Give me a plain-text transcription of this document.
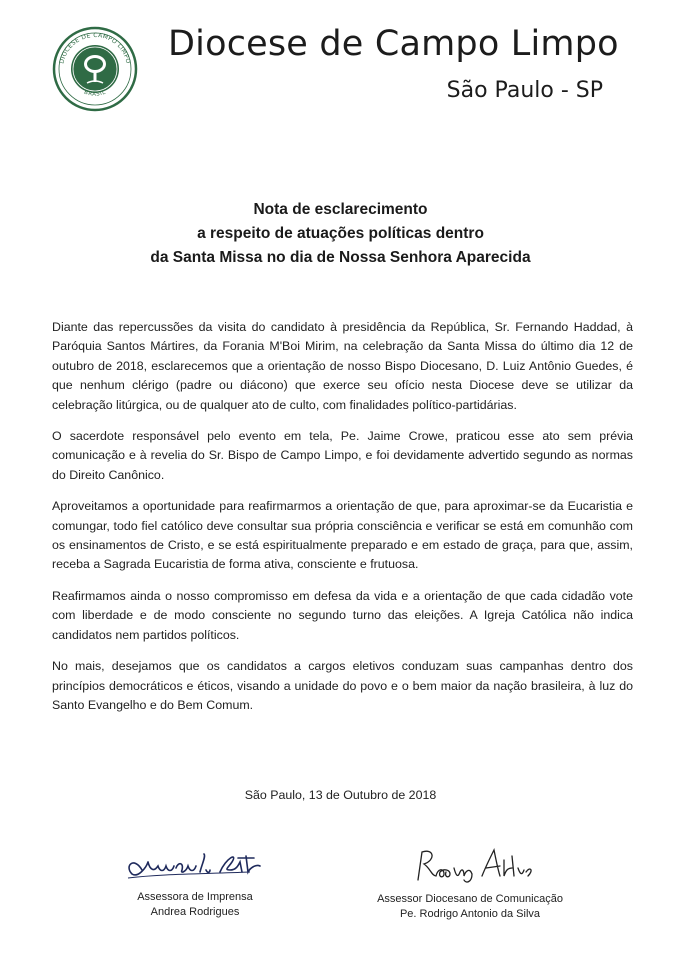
DIOCESE DE CAMPO LIMPO
BRASIL
Diocese de Campo Limpo
São Paulo - SP
Nota de esclarecimento
a respeito de atuações políticas dentro
da Santa Missa no dia de Nossa Senhora Aparecida

Diante das repercussões da visita do candidato à presidência da República, Sr. Fernando Haddad, à Paróquia Santos Mártires, da Forania M'Boi Mirim, na celebração da Santa Missa do último dia 12 de outubro de 2018, esclarecemos que a orientação de nosso Bispo Diocesano, D. Luiz Antônio Guedes, é que nenhum clérigo (padre ou diácono) que exerce seu ofício nesta Diocese deve se utilizar da celebração litúrgica, ou de qualquer ato de culto, com finalidades político-partidárias.

O sacerdote responsável pelo evento em tela, Pe. Jaime Crowe, praticou esse ato sem prévia comunicação e à revelia do Sr. Bispo de Campo Limpo, e foi devidamente advertido segundo as normas do Direito Canônico.

Aproveitamos a oportunidade para reafirmarmos a orientação de que, para aproximar-se da Eucaristia e comungar, todo fiel católico deve consultar sua própria consciência e verificar se está em comunhão com os ensinamentos de Cristo, e se está espiritualmente preparado e em estado de graça, para que, assim, receba a Sagrada Eucaristia de forma ativa, consciente e frutuosa.

Reafirmamos ainda o nosso compromisso em defesa da vida e a orientação de que cada cidadão vote com liberdade e de modo consciente no segundo turno das eleições. A Igreja Católica não indica candidatos nem partidos políticos.

No mais, desejamos que os candidatos a cargos eletivos conduzam suas campanhas dentro dos princípios democráticos e éticos, visando a unidade do povo e o bem maior da nação brasileira, à luz do Santo Evangelho e do Bem Comum.

São Paulo, 13 de Outubro de 2018
Assessora de Imprensa
Andrea Rodrigues
Assessor Diocesano de Comunicação
Pe. Rodrigo Antonio da Silva
